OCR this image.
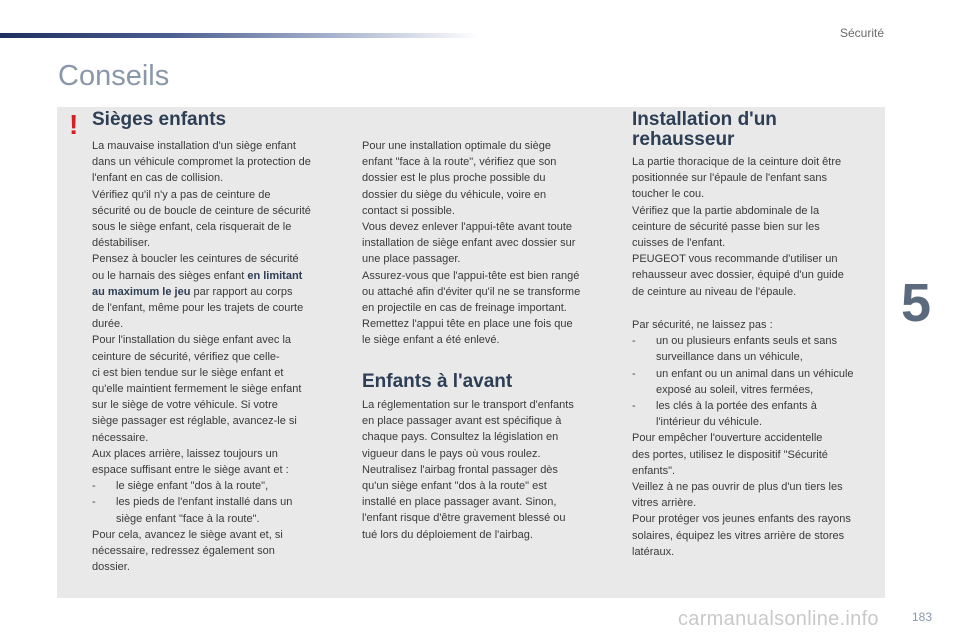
Sécurité
5
Conseils
! Sièges enfants

La mauvaise installation d'un siège enfant

dans un véhicule compromet la protection de

l'enfant en cas de collision.

Vérifiez qu'il n'y a pas de ceinture de

sécurité ou de boucle de ceinture de sécurité

sous le siège enfant, cela risquerait de le

déstabiliser.

Pensez à boucler les ceintures de sécurité

ou le harnais des sièges enfant en limitant

au maximum le jeu par rapport au corps

de l'enfant, même pour les trajets de courte

durée.

Pour l'installation du siège enfant avec la

ceinture de sécurité, vérifiez que celle-

ci est bien tendue sur le siège enfant et

qu'elle maintient fermement le siège enfant

sur le siège de votre véhicule. Si votre

siège passager est réglable, avancez-le si

nécessaire.

Aux places arrière, laissez toujours un

espace suffisant entre le siège avant et :

- le siège enfant "dos à la route",

- les pieds de l'enfant installé dans un

siège enfant "face à la route".

Pour cela, avancez le siège avant et, si

nécessaire, redressez également son

dossier.

Pour une installation optimale du siège

enfant "face à la route", vérifiez que son

dossier est le plus proche possible du

dossier du siège du véhicule, voire en

contact si possible.

Vous devez enlever l'appui-tête avant toute

installation de siège enfant avec dossier sur

une place passager.

Assurez-vous que l'appui-tête est bien rangé

ou attaché afin d'éviter qu'il ne se transforme

en projectile en cas de freinage important.

Remettez l'appui tête en place une fois que

le siège enfant a été enlevé.

Enfants à l'avant

La réglementation sur le transport d'enfants

en place passager avant est spécifique à

chaque pays. Consultez la législation en

vigueur dans le pays où vous roulez.

Neutralisez l'airbag frontal passager dès

qu'un siège enfant "dos à la route" est

installé en place passager avant. Sinon,

l'enfant risque d'être gravement blessé ou

tué lors du déploiement de l'airbag.

Installation d'un
rehausseur

La partie thoracique de la ceinture doit être

positionnée sur l'épaule de l'enfant sans

toucher le cou.

Vérifiez que la partie abdominale de la

ceinture de sécurité passe bien sur les

cuisses de l'enfant.

PEUGEOT vous recommande d'utiliser un

rehausseur avec dossier, équipé d'un guide

de ceinture au niveau de l'épaule.

Par sécurité, ne laissez pas :

- un ou plusieurs enfants seuls et sans

surveillance dans un véhicule,

- un enfant ou un animal dans un véhicule

exposé au soleil, vitres fermées,

- les clés à la portée des enfants à

l'intérieur du véhicule.

Pour empêcher l'ouverture accidentelle

des portes, utilisez le dispositif "Sécurité

enfants".

Veillez à ne pas ouvrir de plus d'un tiers les

vitres arrière.

Pour protéger vos jeunes enfants des rayons

solaires, équipez les vitres arrière de stores

latéraux.

carmanualsonline.info	183
